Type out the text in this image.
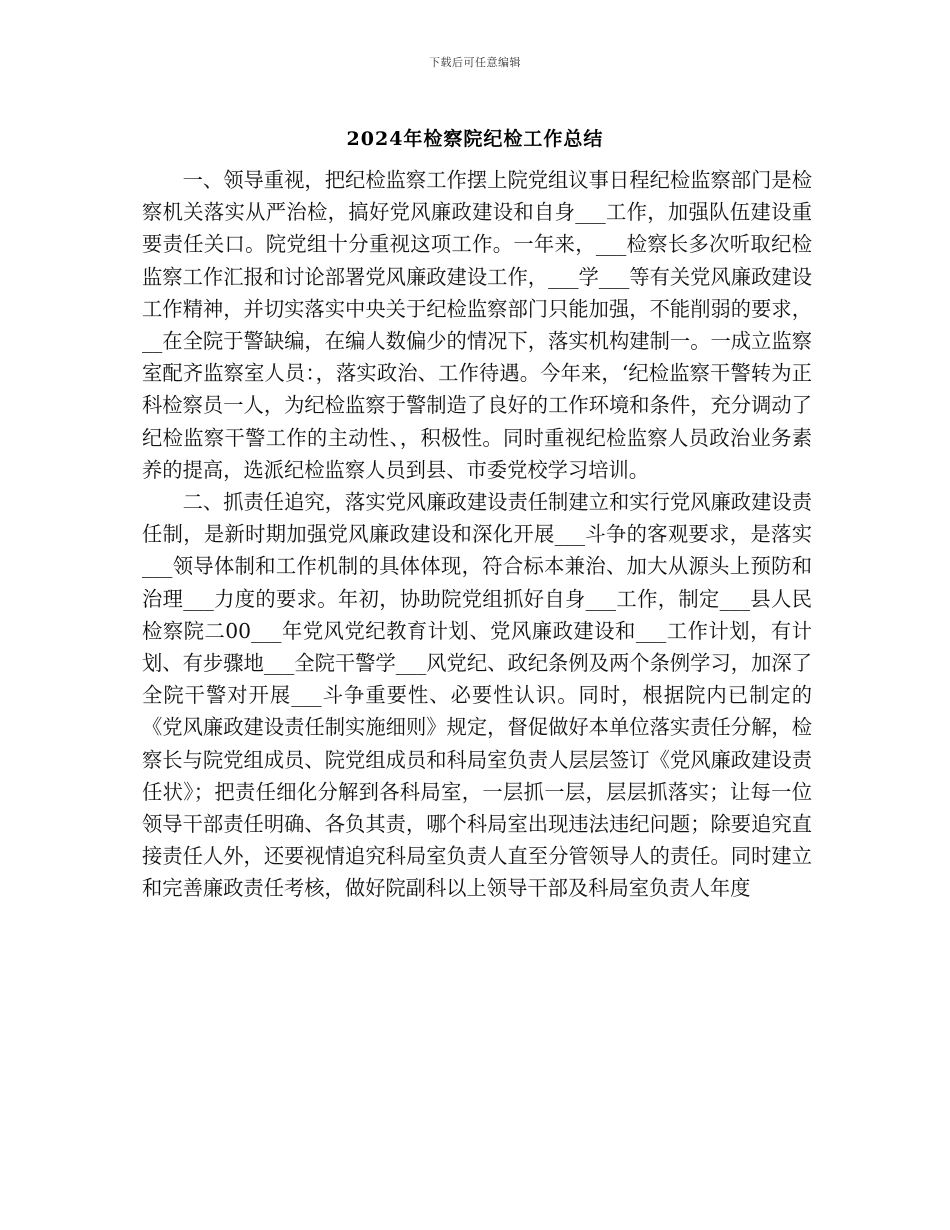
下载后可任意编辑
2024年检察院纪检工作总结

一、领导重视，把纪检监察工作摆上院党组议事日程纪检监察部门是检察机关落实从严治检，搞好党风廉政建设和自身___工作，加强队伍建设重要责任关口。院党组十分重视这项工作。一年来，___检察长多次听取纪检监察工作汇报和讨论部署党风廉政建设工作，___学___等有关党风廉政建设工作精神，并切实落实中央关于纪检监察部门只能加强，不能削弱的要求，__在全院于警缺编，在编人数偏少的情况下，落实机构建制一。一成立监察室配齐监察室人员：，落实政治、工作待遇。今年来，‘纪检监察干警转为正科检察员一人，为纪检监察于警制造了良好的工作环境和条件，充分调动了纪检监察干警工作的主动性、，积极性。同时重视纪检监察人员政治业务素养的提高，选派纪检监察人员到县、市委党校学习培训。

二、抓责任追究，落实党风廉政建设责任制建立和实行党风廉政建设责任制，是新时期加强党风廉政建设和深化开展___斗争的客观要求，是落实___领导体制和工作机制的具体体现，符合标本兼治、加大从源头上预防和治理___力度的要求。年初，协助院党组抓好自身___工作，制定___县人民检察院二00___年党风党纪教育计划、党风廉政建设和___工作计划，有计划、有步骤地___全院干警学___风党纪、政纪条例及两个条例学习，加深了全院干警对开展___斗争重要性、必要性认识。同时，根据院内已制定的《党风廉政建设责任制实施细则》规定，督促做好本单位落实责任分解，检察长与院党组成员、院党组成员和科局室负责人层层签订《党风廉政建设责任状》；把责任细化分解到各科局室，一层抓一层，层层抓落实；让每一位领导干部责任明确、各负其责，哪个科局室出现违法违纪问题；除要追究直接责任人外，还要视情追究科局室负责人直至分管领导人的责任。同时建立和完善廉政责任考核，做好院副科以上领导干部及科局室负责人年度
